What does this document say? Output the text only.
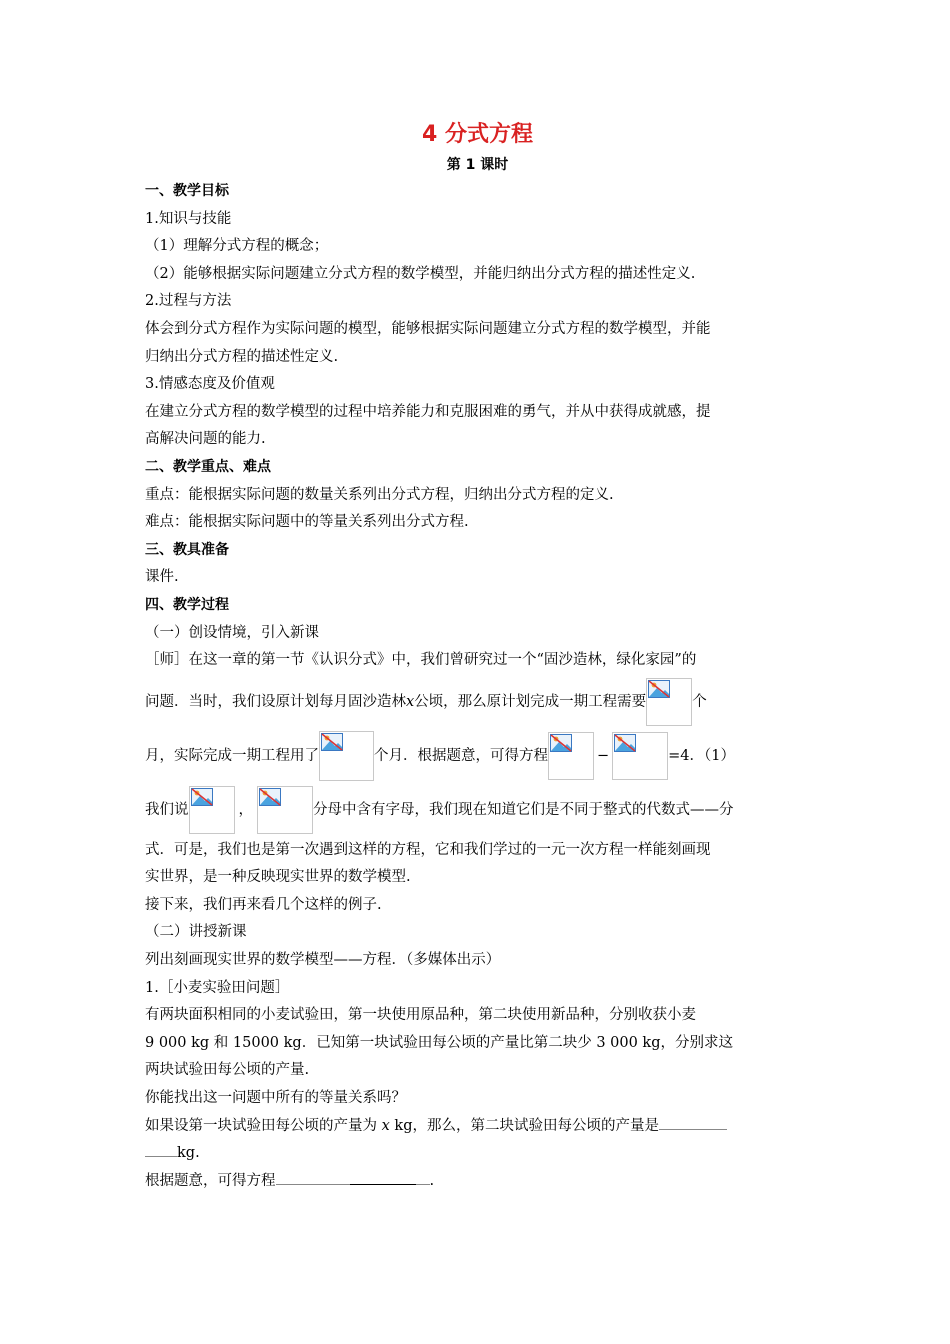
4 分式方程
第 1 课时
一、教学目标
1.知识与技能
（1）理解分式方程的概念；
（2）能够根据实际问题建立分式方程的数学模型，并能归纳出分式方程的描述性定义.
2.过程与方法
体会到分式方程作为实际问题的模型，能够根据实际问题建立分式方程的数学模型，并能
归纳出分式方程的描述性定义.
3.情感态度及价值观
在建立分式方程的数学模型的过程中培养能力和克服困难的勇气，并从中获得成就感，提
高解决问题的能力.
二、教学重点、难点
重点：能根据实际问题的数量关系列出分式方程，归纳出分式方程的定义.
难点：能根据实际问题中的等量关系列出分式方程.
三、教具准备
课件.
四、教学过程
（一）创设情境，引入新课
［师］在这一章的第一节《认识分式》中，我们曾研究过一个“固沙造林，绿化家园”的
问题．当时，我们设原计划每月固沙造林 x 公顷，那么原计划完成一期工程需要	个
月，实际完成一期工程用了	个月．根据题意，可得方程	−	=4．（1）
我们说	，	分母中含有字母，我们现在知道它们是不同于整式的代数式——分
式．可是，我们也是第一次遇到这样的方程，它和我们学过的一元一次方程一样能刻画现
实世界，是一种反映现实世界的数学模型.
接下来，我们再来看几个这样的例子.
（二）讲授新课
列出刻画现实世界的数学模型——方程．（多媒体出示）
1.［小麦实验田问题］
有两块面积相同的小麦试验田，第一块使用原品种，第二块使用新品种，分别收获小麦
9 000 kg 和 15000 kg．已知第一块试验田每公顷的产量比第二块少 3 000 kg，分别求这
两块试验田每公顷的产量.
你能找出这一问题中所有的等量关系吗？
如果设第一块试验田每公顷的产量为 x kg，那么，第二块试验田每公顷的产量是
kg.
根据题意，可得方程	.
